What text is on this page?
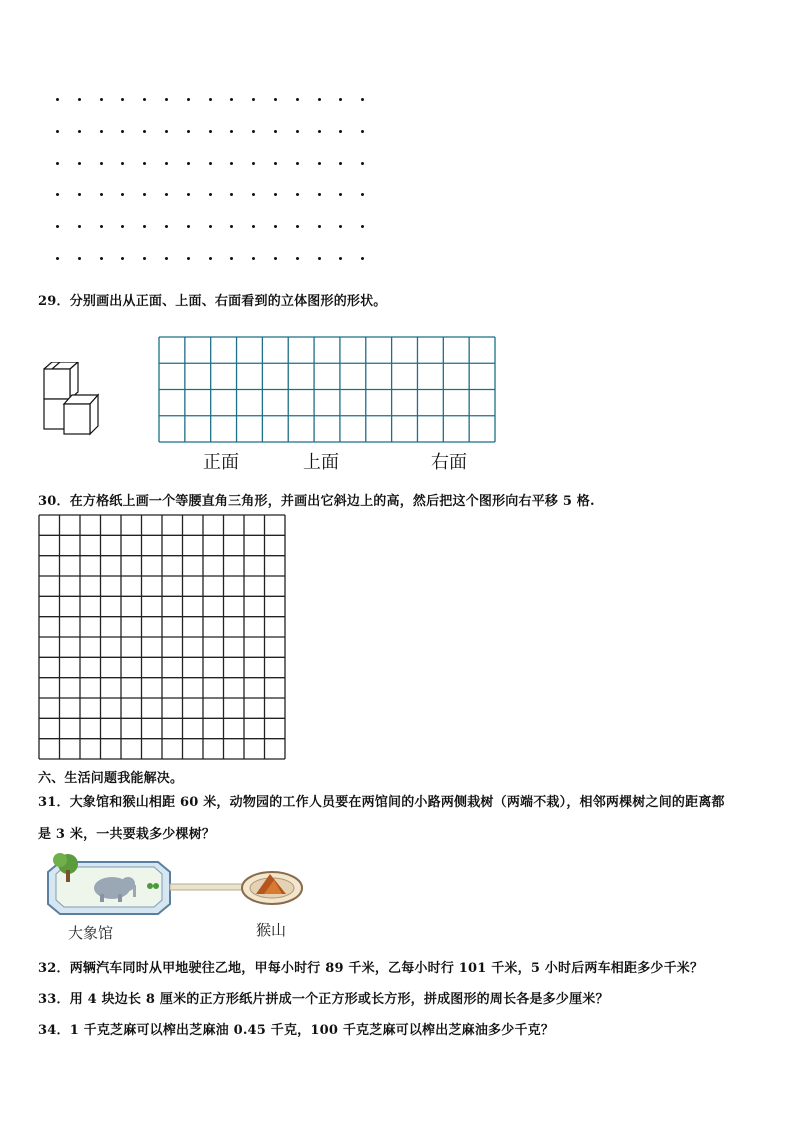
29．分别画出从正面、上面、右面看到的立体图形的形状。
正面	上面	右面
30．在方格纸上画一个等腰直角三角形，并画出它斜边上的高，然后把这个图形向右平移 5 格.
六、生活问题我能解决。
31．大象馆和猴山相距 60 米，动物园的工作人员要在两馆间的小路两侧栽树（两端不栽），相邻两棵树之间的距离都
是 3 米，一共要栽多少棵树？
大象馆	猴山
32．两辆汽车同时从甲地驶往乙地，甲每小时行 89 千米，乙每小时行 101 千米，5 小时后两车相距多少千米？
33．用 4 块边长 8 厘米的正方形纸片拼成一个正方形或长方形，拼成图形的周长各是多少厘米？
34．1 千克芝麻可以榨出芝麻油 0.45 千克，100 千克芝麻可以榨出芝麻油多少千克？
